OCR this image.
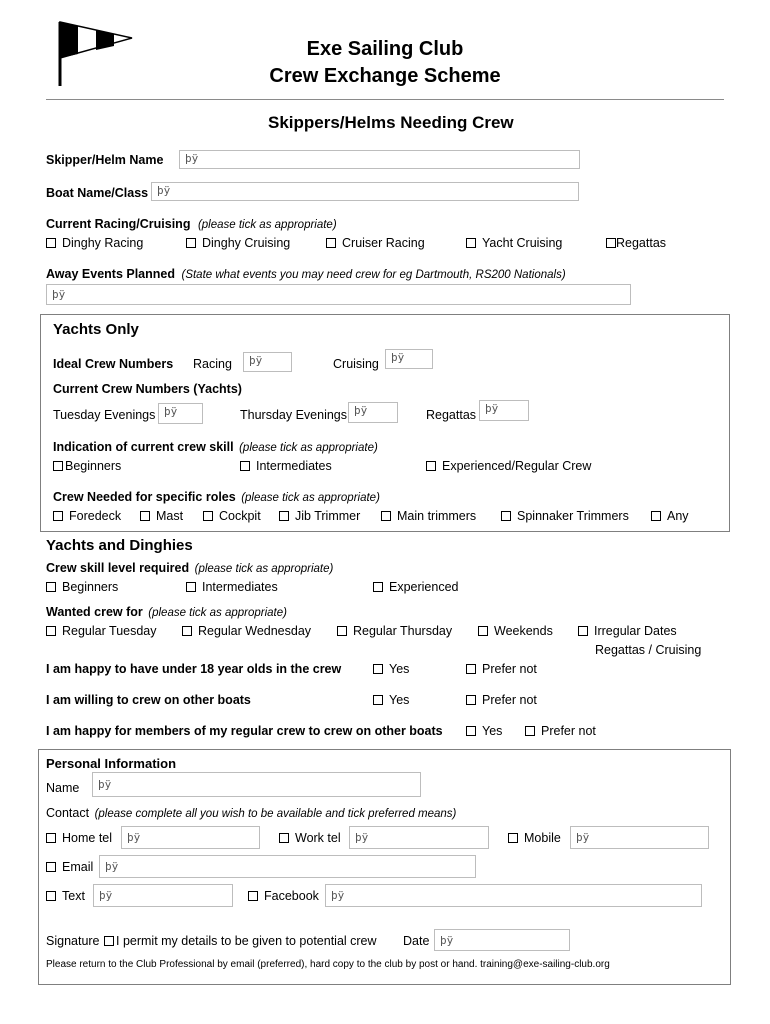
Exe Sailing Club
Crew Exchange Scheme
Skippers/Helms Needing Crew
Skipper/Helm Name	þÿ
Boat Name/Class þÿ
Current Racing/Cruising (please tick as appropriate)
Dinghy Racing	Dinghy Cruising	Cruiser Racing	Yacht Cruising	Regattas
Away Events Planned (State what events you may need crew for eg Dartmouth, RS200 Nationals)
þÿ
Yachts Only
Ideal Crew Numbers Racing	þÿ	Cruising	þÿ
Current Crew Numbers (Yachts)
Tuesday Evenings þÿ	Thursday Evenings þÿ	Regattas þÿ
Indication of current crew skill (please tick as appropriate)
Beginners	Intermediates	Experienced/Regular Crew
Crew Needed for specific roles (please tick as appropriate)
Foredeck	Mast	Cockpit	Jib Trimmer	Main trimmers	Spinnaker Trimmers	Any
Yachts and Dinghies
Crew skill level required (please tick as appropriate)
Beginners	Intermediates	Experienced
Wanted crew for (please tick as appropriate)
Regular Tuesday	Regular Wednesday	Regular Thursday	Weekends	Irregular Dates
Regattas / Cruising
I am happy to have under 18 year olds in the crew	Yes	Prefer not
I am willing to crew on other boats	Yes	Prefer not
I am happy for members of my regular crew to crew on other boats	Yes	Prefer not
Personal Information
Name	þÿ
Contact (please complete all you wish to be available and tick preferred means)
Home tel	þÿ	Work tel	þÿ	Mobile	þÿ
Email	þÿ
Text	þÿ	Facebook	þÿ
Signature	I permit my details to be given to potential crew Date þÿ
Please return to the Club Professional by email (preferred), hard copy to the club by post or hand. training@exe-sailing-club.org
